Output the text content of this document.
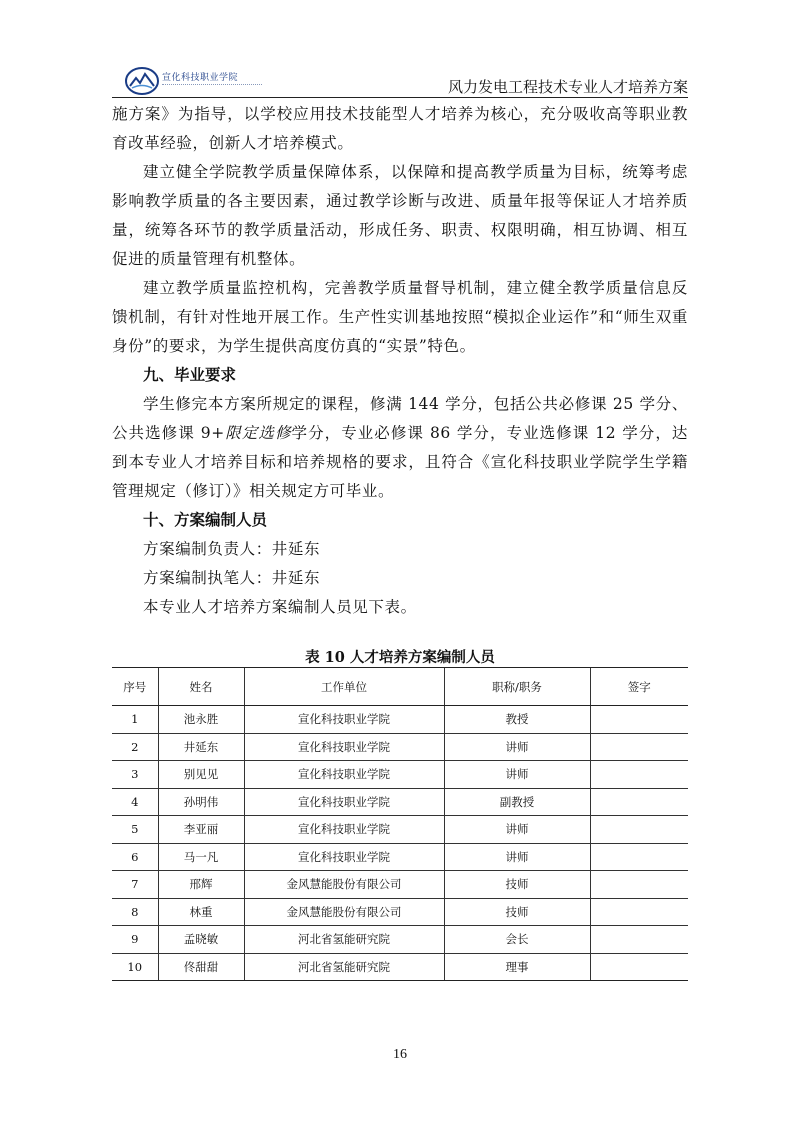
宣化科技职业学院	风力发电工程技术专业人才培养方案

施方案》为指导，以学校应用技术技能型人才培养为核心，充分吸收高等职业教育改革经验，创新人才培养模式。

建立健全学院教学质量保障体系，以保障和提高教学质量为目标，统筹考虑影响教学质量的各主要因素，通过教学诊断与改进、质量年报等保证人才培养质量，统筹各环节的教学质量活动，形成任务、职责、权限明确，相互协调、相互促进的质量管理有机整体。

建立教学质量监控机构，完善教学质量督导机制，建立健全教学质量信息反馈机制，有针对性地开展工作。生产性实训基地按照“模拟企业运作”和“师生双重身份”的要求，为学生提供高度仿真的“实景”特色。

九、毕业要求

学生修完本方案所规定的课程，修满 144 学分，包括公共必修课 25 学分、公共选修课 9+限定选修学分，专业必修课 86 学分，专业选修课 12 学分，达到本专业人才培养目标和培养规格的要求，且符合《宣化科技职业学院学生学籍管理规定（修订）》相关规定方可毕业。

十、方案编制人员

方案编制负责人：井延东

方案编制执笔人：井延东

本专业人才培养方案编制人员见下表。

表 10 人才培养方案编制人员
序号	姓名	工作单位	职称/职务	签字
1	池永胜	宣化科技职业学院	教授	
2	井延东	宣化科技职业学院	讲师	
3	别见见	宣化科技职业学院	讲师	
4	孙明伟	宣化科技职业学院	副教授	
5	李亚丽	宣化科技职业学院	讲师	
6	马一凡	宣化科技职业学院	讲师	
7	邢辉	金风慧能股份有限公司	技师	
8	林重	金风慧能股份有限公司	技师	
9	孟晓敏	河北省氢能研究院	会长	
10	佟甜甜	河北省氢能研究院	理事	
16
